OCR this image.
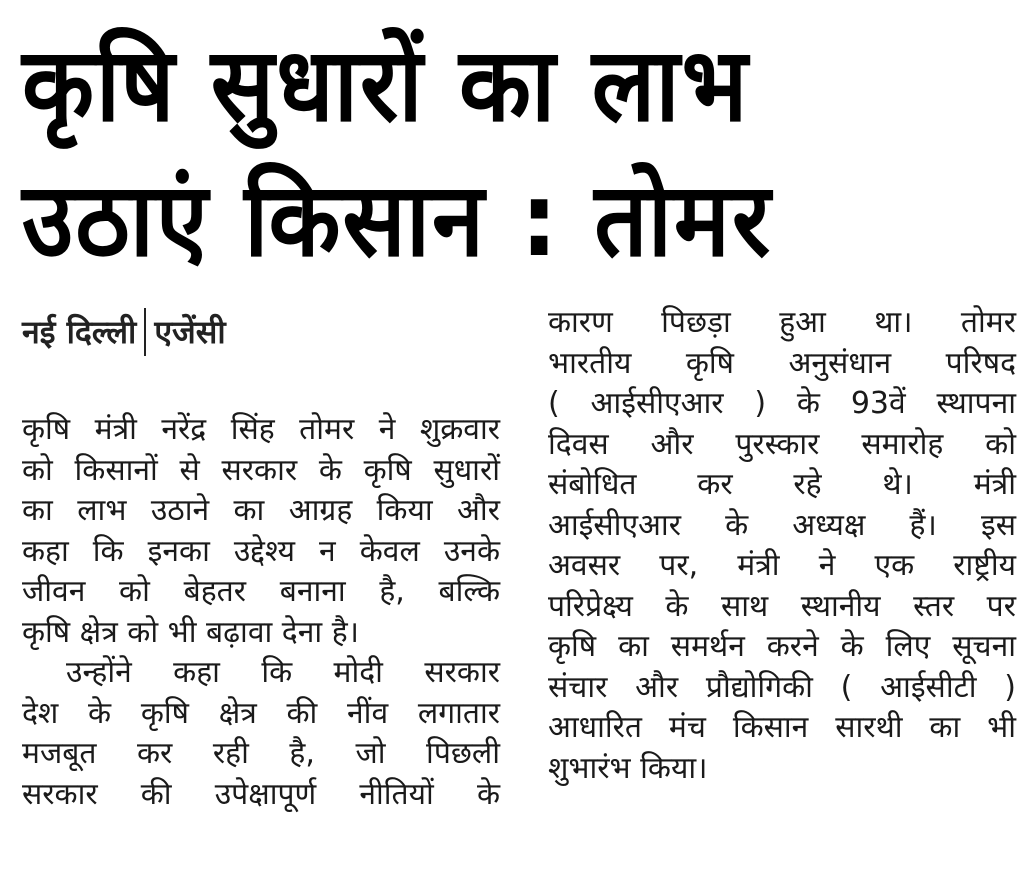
कृषि सुधारों का लाभ
उठाएं किसान : तोमर
नई दिल्ली एजेंसी
कृषि मंत्री नरेंद्र सिंह तोमर ने शुक्रवार
को किसानों से सरकार के कृषि सुधारों
का लाभ उठाने का आग्रह किया और
कहा कि इनका उद्देश्य न केवल उनके
जीवन को बेहतर बनाना है, बल्कि
कृषि क्षेत्र को भी बढ़ावा देना है।
उन्होंने कहा कि मोदी सरकार
देश के कृषि क्षेत्र की नींव लगातार
मजबूत कर रही है, जो पिछली
सरकार की उपेक्षापूर्ण नीतियों के
कारण पिछड़ा हुआ था। तोमर
भारतीय कृषि अनुसंधान परिषद
( आईसीएआर ) के 93वें स्थापना
दिवस और पुरस्कार समारोह को
संबोधित कर रहे थे। मंत्री
आईसीएआर के अध्यक्ष हैं। इस
अवसर पर, मंत्री ने एक राष्ट्रीय
परिप्रेक्ष्य के साथ स्थानीय स्तर पर
कृषि का समर्थन करने के लिए सूचना
संचार और प्रौद्योगिकी ( आईसीटी )
आधारित मंच किसान सारथी का भी
शुभारंभ किया।
